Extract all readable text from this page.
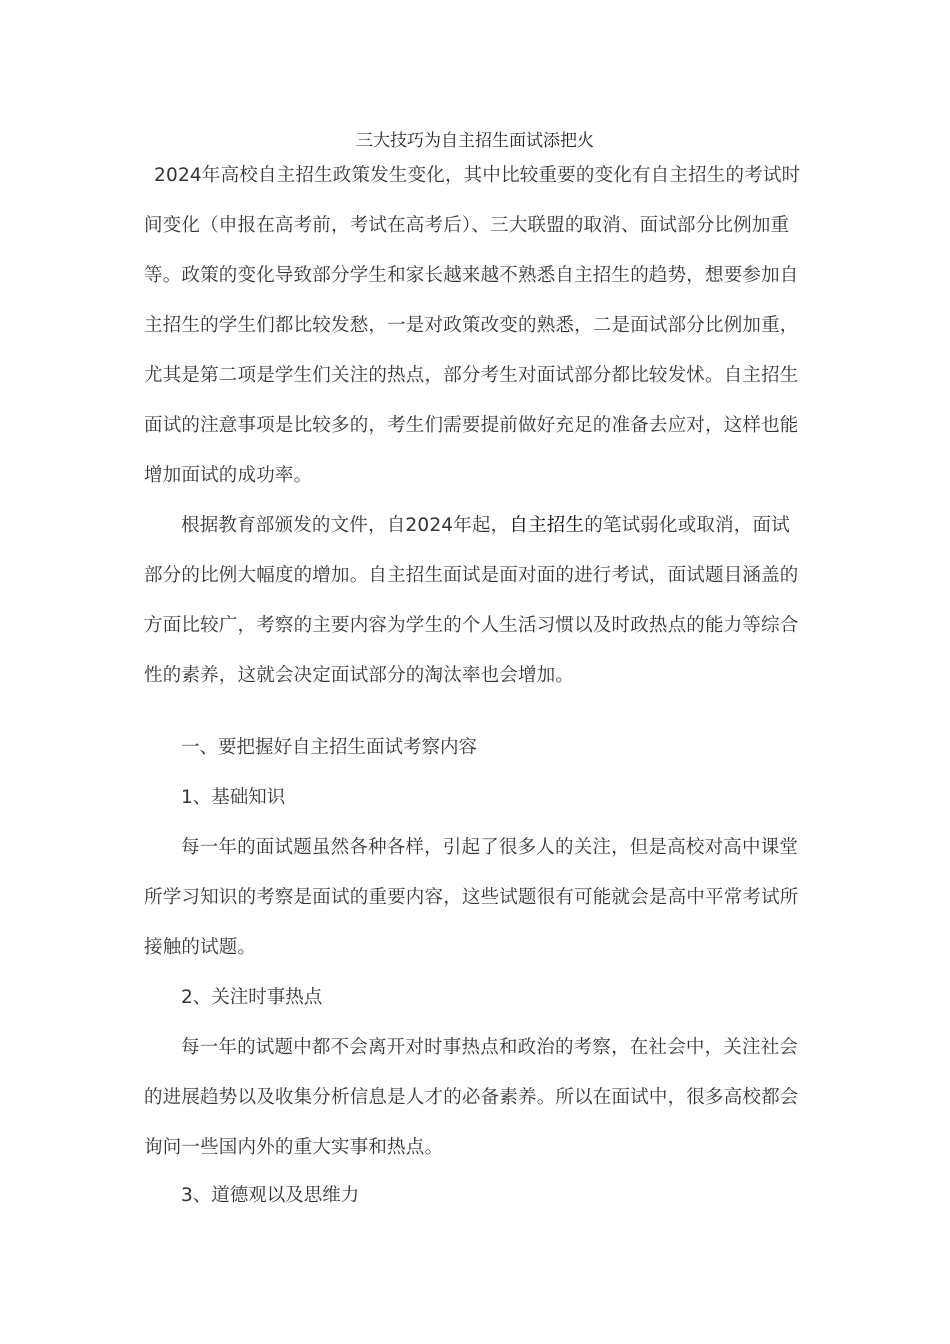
三大技巧为自主招生面试添把火

2024年高校自主招生政策发生变化，其中比较重要的变化有自主招生的考试时间变化（申报在高考前，考试在高考后）、三大联盟的取消、面试部分比例加重等。政策的变化导致部分学生和家长越来越不熟悉自主招生的趋势，想要参加自主招生的学生们都比较发愁，一是对政策改变的熟悉，二是面试部分比例加重，尤其是第二项是学生们关注的热点，部分考生对面试部分都比较发怵。自主招生面试的注意事项是比较多的，考生们需要提前做好充足的准备去应对，这样也能增加面试的成功率。

根据教育部颁发的文件，自2024年起，自主招生的笔试弱化或取消，面试部分的比例大幅度的增加。自主招生面试是面对面的进行考试，面试题目涵盖的方面比较广，考察的主要内容为学生的个人生活习惯以及时政热点的能力等综合性的素养，这就会决定面试部分的淘汰率也会增加。

一、要把握好自主招生面试考察内容
1、基础知识

每一年的面试题虽然各种各样，引起了很多人的关注，但是高校对高中课堂所学习知识的考察是面试的重要内容，这些试题很有可能就会是高中平常考试所接触的试题。

2、关注时事热点

每一年的试题中都不会离开对时事热点和政治的考察，在社会中，关注社会的进展趋势以及收集分析信息是人才的必备素养。所以在面试中，很多高校都会询问一些国内外的重大实事和热点。

3、道德观以及思维力
